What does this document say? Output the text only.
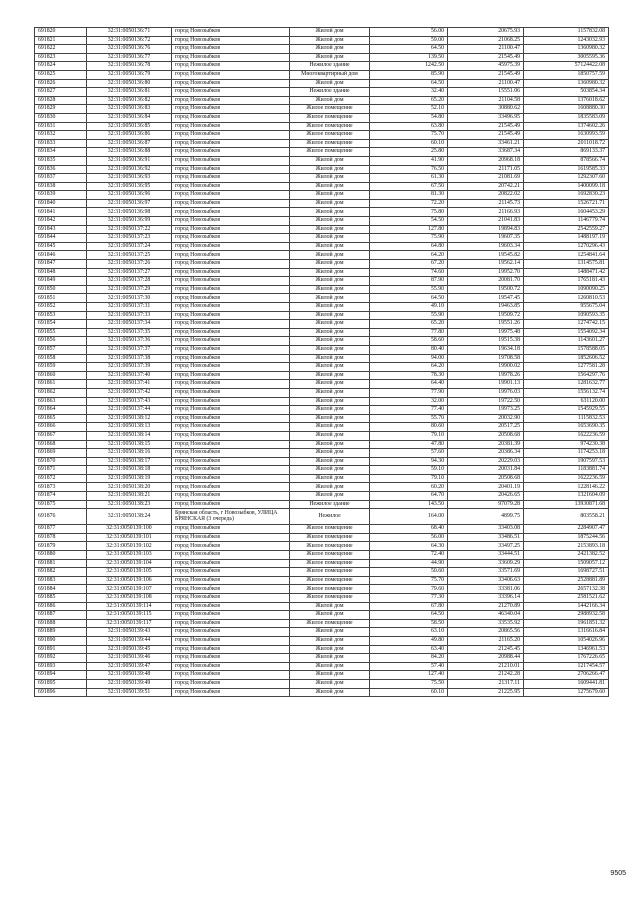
691820	32:31:0050136:71	город Новозыбков	Жилой дом	56.00	20675.93	1157832.08
691821	32:31:0050136:72	город Новозыбков	Жилой дом	59.00	21068.25	1243032.93
691822	32:31:0050136:76	город Новозыбков	Жилой дом	64.50	21100.47	1360980.32
691823	32:31:0050136:77	город Новозыбков	Жилой дом	139.50	21545.49	3005595.36
691824	32:31:0050136:78	город Новозыбков	Нежилое здание	1242.50	45975.39	57124422.08
691825	32:31:0050136:79	город Новозыбков	Многоквартирный дом	85.90	21545.49	1850757.59
691826	32:31:0050136:80	город Новозыбков	Жилой дом	64.50	21100.47	1360980.32
691827	32:31:0050136:81	город Новозыбков	Нежилое здание	32.40	15551.06	503854.34
691828	32:31:0050136:82	город Новозыбков	Жилой дом	65.20	21104.58	1376018.62
691829	32:31:0050136:83	город Новозыбков	Жилое помещение	52.10	30880.62	1608880.30
691830	32:31:0050136:84	город Новозыбков	Жилое помещение	54.80	33496.95	1835583.09
691831	32:31:0050136:85	город Новозыбков	Жилое помещение	63.80	21545.49	1374602.26
691832	32:31:0050136:86	город Новозыбков	Жилое помещение	75.70	21545.49	1630993.59
691833	32:31:0050136:87	город Новозыбков	Жилое помещение	60.10	33461.21	2011018.72
691834	32:31:0050136:88	город Новозыбков	Жилое помещение	25.80	33687.34	869133.37
691835	32:31:0050136:91	город Новозыбков	Жилой дом	41.90	20968.18	878566.74
691836	32:31:0050136:92	город Новозыбков	Жилой дом	76.50	21171.05	1619585.33
691837	32:31:0050136:93	город Новозыбков	Жилой дом	61.30	21081.69	1292307.60
691838	32:31:0050136:95	город Новозыбков	Жилой дом	67.50	20742.21	1400099.18
691839	32:31:0050136:96	город Новозыбков	Жилой дом	81.30	20822.02	1692830.23
691840	32:31:0050136:97	город Новозыбков	Жилой дом	72.20	21145.73	1526721.71
691841	32:31:0050136:98	город Новозыбков	Жилой дом	75.80	21166.93	1604453.29
691842	32:31:0050136:99	город Новозыбков	Жилой дом	54.50	21041.83	1146779.74
691843	32:31:0050137:22	город Новозыбков	Жилой дом	127.80	19894.83	2542559.27
691844	32:31:0050137:23	город Новозыбков	Жилой дом	75.90	19607.35	1488197.19
691845	32:31:0050137:24	город Новозыбков	Жилой дом	64.80	19603.34	1270296.43
691846	32:31:0050137:25	город Новозыбков	Жилой дом	64.20	19545.82	1254841.64
691847	32:31:0050137:26	город Новозыбков	Жилой дом	67.20	19562.14	1314575.81
691848	32:31:0050137:27	город Новозыбков	Жилой дом	74.60	19952.70	1488471.42
691849	32:31:0050137:28	город Новозыбков	Жилой дом	87.90	20081.70	1765181.43
691850	32:31:0050137:29	город Новозыбков	Жилой дом	55.90	19500.72	1090090.25
691851	32:31:0050137:30	город Новозыбков	Жилой дом	64.50	19547.45	1260810.53
691852	32:31:0050137:31	город Новозыбков	Жилой дом	49.10	19463.85	955675.04
691853	32:31:0050137:33	город Новозыбков	Жилой дом	55.90	19509.72	1090593.35
691854	32:31:0050137:34	город Новозыбков	Жилой дом	65.20	19551.26	1274742.15
691855	32:31:0050137:35	город Новозыбков	Жилой дом	77.80	19975.48	1554092.34
691856	32:31:0050137:36	город Новозыбков	Жилой дом	58.60	19515.38	1143601.27
691857	32:31:0050137:37	город Новозыбков	Жилой дом	80.40	19634.18	1578588.05
691858	32:31:0050137:38	город Новозыбков	Жилой дом	94.00	19708.58	1852606.52
691859	32:31:0050137:39	город Новозыбков	Жилой дом	64.20	19900.02	1277581.28
691860	32:31:0050137:40	город Новозыбков	Жилой дом	78.30	19978.26	1564297.76
691861	32:31:0050137:41	город Новозыбков	Жилой дом	64.40	19901.13	1281632.77
691862	32:31:0050137:42	город Новозыбков	Жилой дом	77.90	19976.03	1556132.74
691863	32:31:0050137:43	город Новозыбков	Жилой дом	32.00	19722.50	631120.00
691864	32:31:0050137:44	город Новозыбков	Жилой дом	77.40	19973.25	1545929.55
691865	32:31:0050138:12	город Новозыбков	Жилой дом	55.70	20032.90	1115832.53
691866	32:31:0050138:13	город Новозыбков	Жилой дом	80.60	20517.25	1653690.35
691867	32:31:0050138:14	город Новозыбков	Жилой дом	79.10	20508.68	1622236.59
691868	32:31:0050138:15	город Новозыбков	Жилой дом	47.80	20381.39	974230.38
691869	32:31:0050138:16	город Новозыбков	Жилой дом	57.60	20386.34	1174253.18
691870	32:31:0050138:17	город Новозыбков	Жилой дом	94.30	20229.03	1907597.53
691871	32:31:0050138:18	город Новозыбков	Жилой дом	59.10	20031.84	1183881.74
691872	32:31:0050138:19	город Новозыбков	Жилой дом	79.10	20508.68	1622236.59
691873	32:31:0050138:20	город Новозыбков	Жилой дом	60.20	20401.19	1228146.22
691874	32:31:0050138:21	город Новозыбков	Жилой дом	64.70	20426.65	1321604.09
691875	32:31:0050138:23	город Новозыбков	Нежилое здание	143.50	97079.28	13930871.68
691876	32:31:0050138:24	Брянская область, г Новозыбков, УЛИЦА БРЯНСКАЯ (3 очередь)	Нежилое	164.00	4899.75	803558.21
691877	32:31:0050139:100	город Новозыбков	Жилое помещение	68.40	33403.08	2284907.47
691878	32:31:0050139:101	город Новозыбков	Жилое помещение	56.00	33486.51	1875244.56
691879	32:31:0050139:102	город Новозыбков	Жилое помещение	64.30	33497.25	2153893.18
691880	32:31:0050139:103	город Новозыбков	Жилое помещение	72.40	33444.51	2421382.52
691881	32:31:0050139:104	город Новозыбков	Жилое помещение	44.90	33609.29	1509057.12
691882	32:31:0050139:105	город Новозыбков	Жилое помещение	50.60	33571.69	1698727.51
691883	32:31:0050139:106	город Новозыбков	Жилое помещение	75.70	33406.63	2528881.89
691884	32:31:0050139:107	город Новозыбков	Жилое помещение	79.60	33381.06	2657132.38
691885	32:31:0050139:108	город Новозыбков	Жилое помещение	77.30	33396.14	2581521.62
691886	32:31:0050139:114	город Новозыбков	Жилой дом	67.80	21270.89	1442166.34
691887	32:31:0050139:115	город Новозыбков	Жилой дом	64.50	46340.04	2988932.58
691888	32:31:0050139:117	город Новозыбков	Жилое помещение	58.50	33535.92	1961851.32
691889	32:31:0050139:43	город Новозыбков	Жилой дом	63.10	20865.56	1316616.84
691890	32:31:0050139:44	город Новозыбков	Жилой дом	49.80	21165.20	1054026.96
691891	32:31:0050139:45	город Новозыбков	Жилой дом	63.40	21245.45	1346961.53
691892	32:31:0050139:46	город Новозыбков	Жилой дом	84.20	20988.44	1767226.65
691893	32:31:0050139:47	город Новозыбков	Жилой дом	57.40	21210.01	1217454.57
691894	32:31:0050139:48	город Новозыбков	Жилой дом	127.40	21242.28	2706266.47
691895	32:31:0050139:49	город Новозыбков	Жилой дом	75.50	21317.11	1609441.81
691896	32:31:0050139:51	город Новозыбков	Жилой дом	60.10	21225.95	1275679.60
9505
